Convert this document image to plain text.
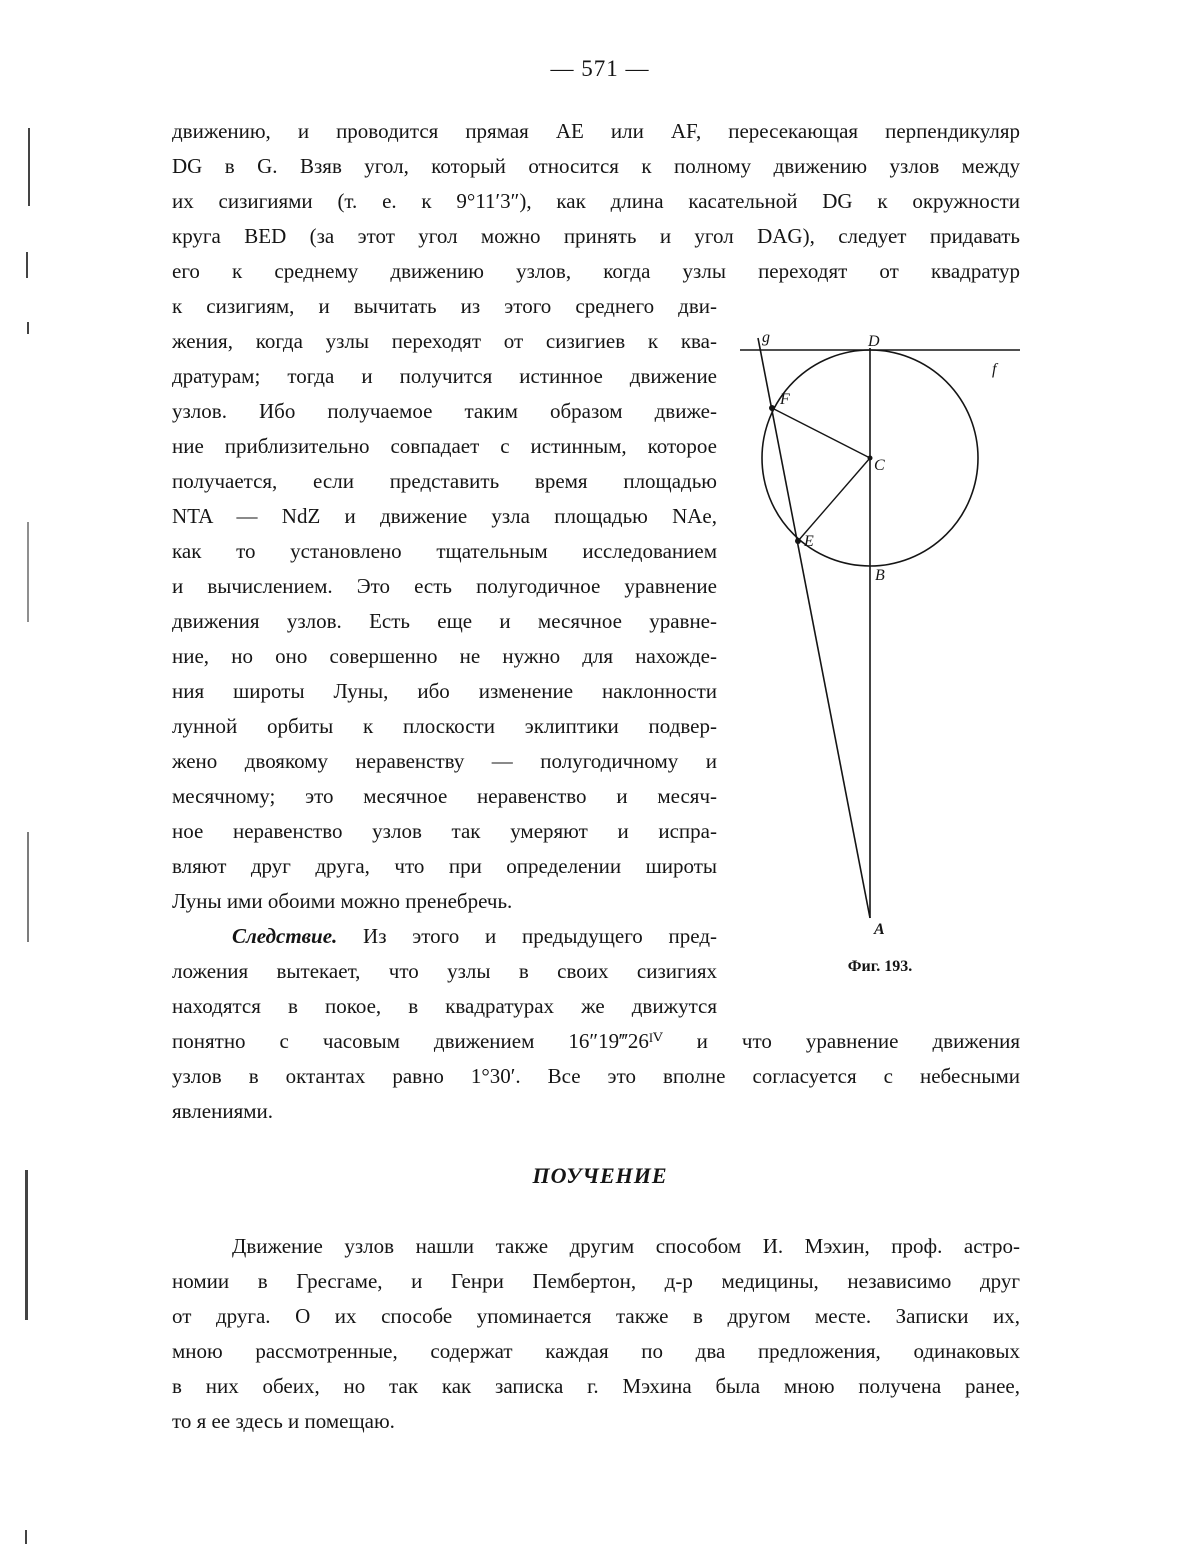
— 571 —
движению, и проводится прямая AE или AF, пересекающая перпендикуляр
DG в G. Взяв угол, который относится к полному движению узлов между
их сизигиями (т. е. к 9°11′3″), как длина касательной DG к окружности
круга BED (за этот угол можно принять и угол DAG), следует придавать
его к среднему движению узлов, когда узлы переходят от квадратур
к сизигиям, и вычитать из этого среднего дви-
жения, когда узлы переходят от сизигиев к ква-
дратурам; тогда и получится истинное движение
узлов. Ибо получаемое таким образом движе-
ние приблизительно совпадает с истинным, которое
получается, если представить время площадью
NTA — NdZ и движение узла площадью NAe,
как то установлено тщательным исследованием
и вычислением. Это есть полугодичное уравнение
движения узлов. Есть еще и месячное уравне-
ние, но оно совершенно не нужно для нахожде-
ния широты Луны, ибо изменение наклонности
лунной орбиты к плоскости эклиптики подвер-
жено двоякому неравенству — полугодичному и
месячному; это месячное неравенство и месяч-
ное неравенство узлов так умеряют и испра-
вляют друг друга, что при определении широты
Луны ими обоими можно пренебречь.
Следствие. Из этого и предыдущего пред-
ложения вытекает, что узлы в своих сизигиях
находятся в покое, в квадратурах же движутся
понятно с часовым движением 16″19‴26ᴵⱽ и что уравнение движения
узлов в октантах равно 1°30′. Все это вполне согласуется с небесными
явлениями.
g	D
f
F
C
E
B
A
Фиг. 193.
ПОУЧЕНИЕ
Движение узлов нашли также другим способом И. Мэхин, проф. астро-
номии в Гресгаме, и Генри Пембертон, д-р медицины, независимо друг
от друга. О их способе упоминается также в другом месте. Записки их,
мною рассмотренные, содержат каждая по два предложения, одинаковых
в них обеих, но так как записка г. Мэхина была мною получена ранее,
то я ее здесь и помещаю.
